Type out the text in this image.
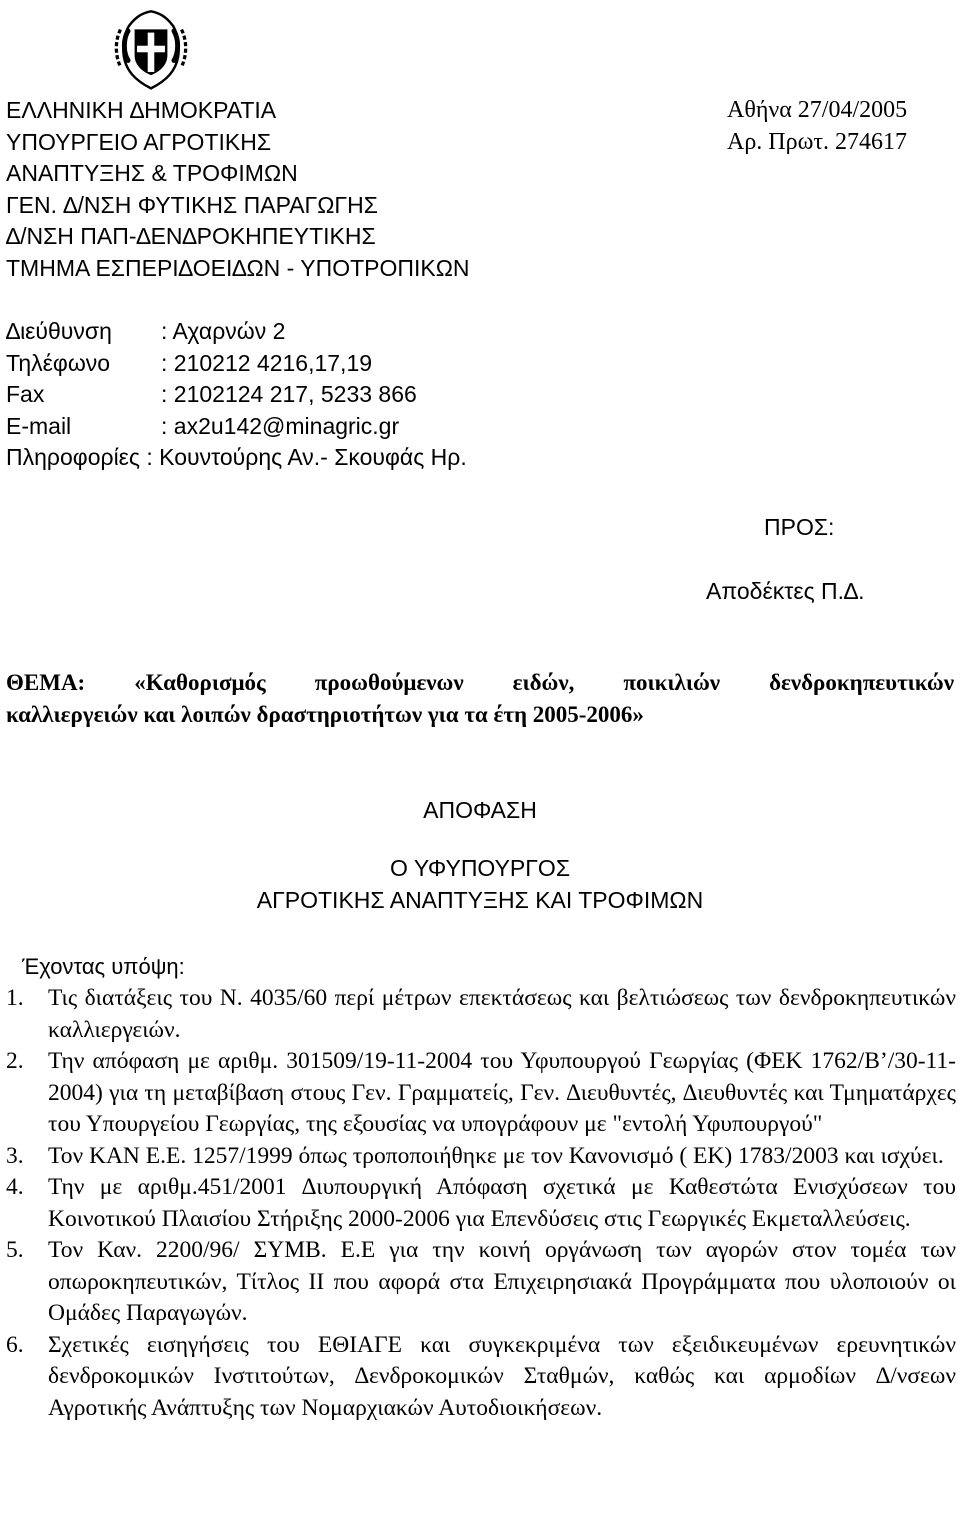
ΕΛΛΗΝΙΚΗ ∆ΗΜΟΚΡΑΤΙΑ
ΥΠΟΥΡΓΕΙΟ ΑΓΡΟΤΙΚΗΣ
ΑΝΑΠΤΥΞΗΣ & ΤΡΟΦΙΜΩΝ
ΓΕΝ. ∆/ΝΣΗ ΦΥΤΙΚΗΣ ΠΑΡΑΓΩΓΗΣ
∆/ΝΣΗ ΠΑΠ-∆ΕΝ∆ΡΟΚΗΠΕΥΤΙΚΗΣ
ΤΜΗΜΑ ΕΣΠΕΡΙ∆ΟΕΙ∆ΩΝ - ΥΠΟΤΡΟΠΙΚΩΝ
Αθήνα 27/04/2005
Αρ. Πρωτ. 274617
∆ιεύθυνση : Αχαρνών 2
Τηλέφωνο : 210212 4216,17,19
Fax	: 2102124 217, 5233 866
E-mail	: ax2u142@minagric.gr
Πληροφορίες : Κουντούρης Αν.- Σκουφάς Ηρ.
ΠΡΟΣ:
Αποδέκτες Π.∆.
ΘΕΜΑ: «Καθορισμός προωθούμενων ειδών, ποικιλιών δενδροκηπευτικών
καλλιεργειών και λοιπών δραστηριοτήτων για τα έτη 2005-2006»
ΑΠΟΦΑΣΗ
Ο ΥΦΥΠΟΥΡΓΟΣ
ΑΓΡΟΤΙΚΗΣ ΑΝΑΠΤΥΞΗΣ ΚΑΙ ΤΡΟΦΙΜΩΝ
Έχοντας υπόψη:
1. Τις διατάξεις του Ν. 4035/60 περί μέτρων επεκτάσεως και βελτιώσεως των δενδροκηπευτικών καλλιεργειών.
2. Την απόφαση με αριθμ. 301509/19-11-2004 του Υφυπουργού Γεωργίας (ΦΕΚ 1762/Β’/30-11-2004) για τη μεταβίβαση στους Γεν. Γραμματείς, Γεν. ∆ιευθυντές, ∆ιευθυντές και Τμηματάρχες του Υπουργείου Γεωργίας, της εξουσίας να υπογράφουν με "εντολή Υφυπουργού"
3. Τον ΚΑΝ Ε.Ε. 1257/1999 όπως τροποποιήθηκε με τον Κανονισμό ( ΕΚ) 1783/2003 και ισχύει.
4. Την με αριθμ.451/2001 ∆ιυπουργική Απόφαση σχετικά με Καθεστώτα Ενισχύσεων του Κοινοτικού Πλαισίου Στήριξης 2000-2006 για Επενδύσεις στις Γεωργικές Εκμεταλλεύσεις.
5. Τον Καν. 2200/96/ ΣΥΜΒ. Ε.Ε για την κοινή οργάνωση των αγορών στον τομέα των οπωροκηπευτικών, Τίτλος ΙΙ που αφορά στα Επιχειρησιακά Προγράμματα που υλοποιούν οι Ομάδες Παραγωγών.
6. Σχετικές εισηγήσεις του ΕΘΙΑΓΕ και συγκεκριμένα των εξειδικευμένων ερευνητικών δενδροκομικών Ινστιτούτων, ∆ενδροκομικών Σταθμών, καθώς και αρμοδίων ∆/νσεων Αγροτικής Ανάπτυξης των Νομαρχιακών Αυτοδιοικήσεων.
